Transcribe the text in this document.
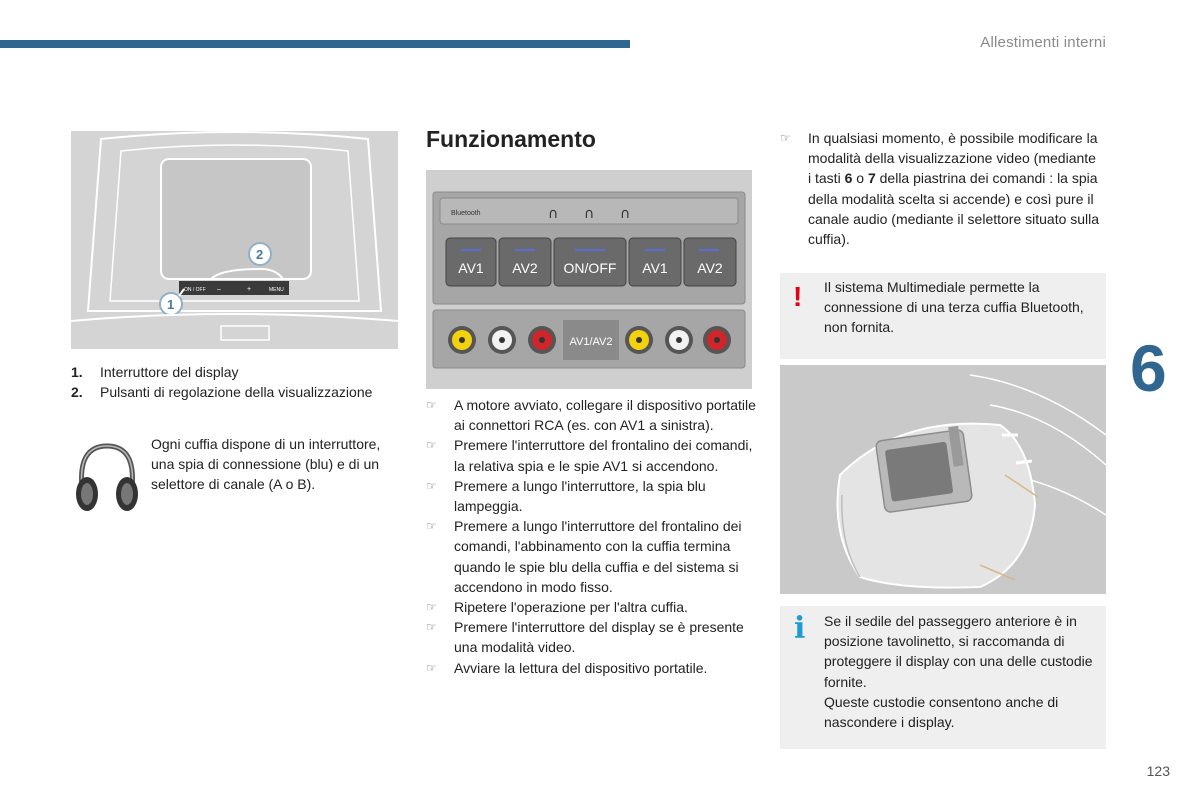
Allestimenti interni
6
123
ON / OFF –	+	MENU
2
1
1.	Interruttore del display
2.	Pulsanti di regolazione della visualizzazione
Ogni cuffia dispone di un interruttore, una spia di connessione (blu) e di un selettore di canale (A o B).
Funzionamento
Bluetooth	∩ ∩ ∩
AV1 AV2 ON/OFF AV1 AV2
AV1/AV2
☞	A motore avviato, collegare il dispositivo portatile ai connettori RCA (es. con AV1 a sinistra).
☞	Premere l'interruttore del frontalino dei comandi, la relativa spia e le spie AV1 si accendono.
☞	Premere a lungo l'interruttore, la spia blu lampeggia.
☞	Premere a lungo l'interruttore del frontalino dei comandi, l'abbinamento con la cuffia termina quando le spie blu della cuffia e del sistema si accendono in modo fisso.
☞	Ripetere l'operazione per l'altra cuffia.
☞	Premere l'interruttore del display se è presente una modalità video.
☞	Avviare la lettura del dispositivo portatile.
☞	In qualsiasi momento, è possibile modificare la modalità della visualizzazione video (mediante i tasti 6 o 7 della piastrina dei comandi : la spia della modalità scelta si accende) e così pure il canale audio (mediante il selettore situato sulla cuffia).
! Il sistema Multimediale permette la connessione di una terza cuffia Bluetooth, non fornita.
i Se il sedile del passeggero anteriore è in posizione tavolinetto, si raccomanda di proteggere il display con una delle custodie fornite.
Queste custodie consentono anche di nascondere i display.
